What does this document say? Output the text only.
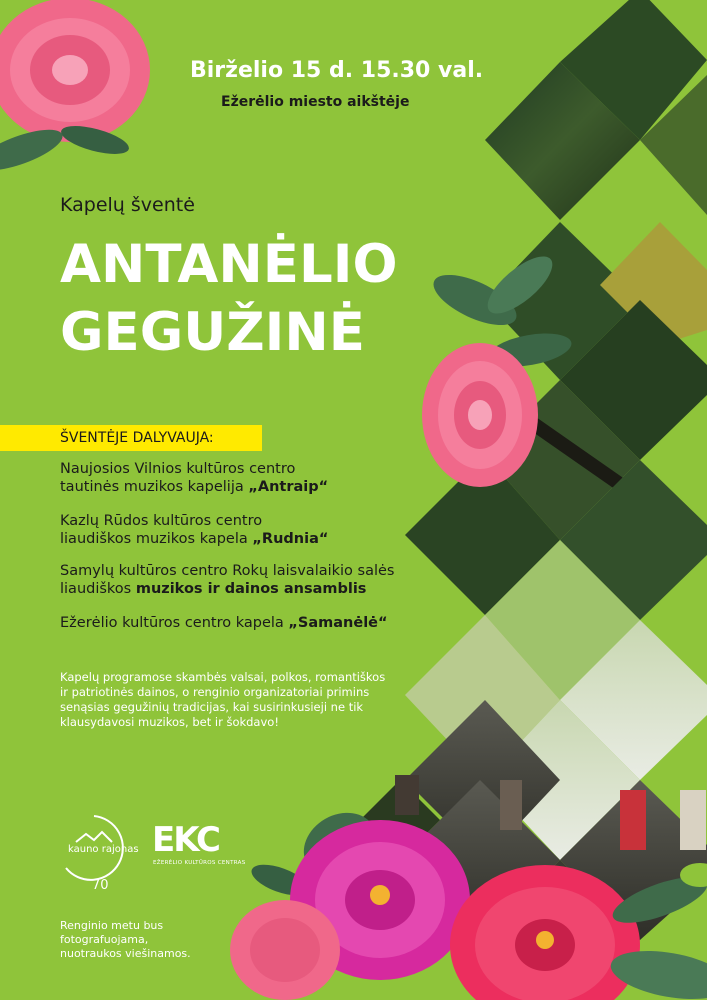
Birželio 15 d. 15.30 val.
Ežerėlio miesto aikštėje
Kapelų šventė
ANTANĖLIO
GEGUŽINĖ
ŠVENTĖJE DALYVAUJA:
Naujosios Vilnios kultūros centro
tautinės muzikos kapelija „Antraip“
Kazlų Rūdos kultūros centro
liaudiškos muzikos kapela „Rudnia“
Samylų kultūros centro Rokų laisvalaikio salės
liaudiškos muzikos ir dainos ansamblis
Ežerėlio kultūros centro kapela „Samanėlė“
Kapelų programose skambės valsai, polkos, romantiškos
ir patriotinės dainos, o renginio organizatoriai primins
senąsias gegužinių tradicijas, kai susirinkusieji ne tik
klausydavosi muzikos, bet ir šokdavo!
kauno rajonas
70
EKC
EŽERĖLIO KULTŪROS CENTRAS
Renginio metu bus
fotografuojama,
nuotraukos viešinamos.
